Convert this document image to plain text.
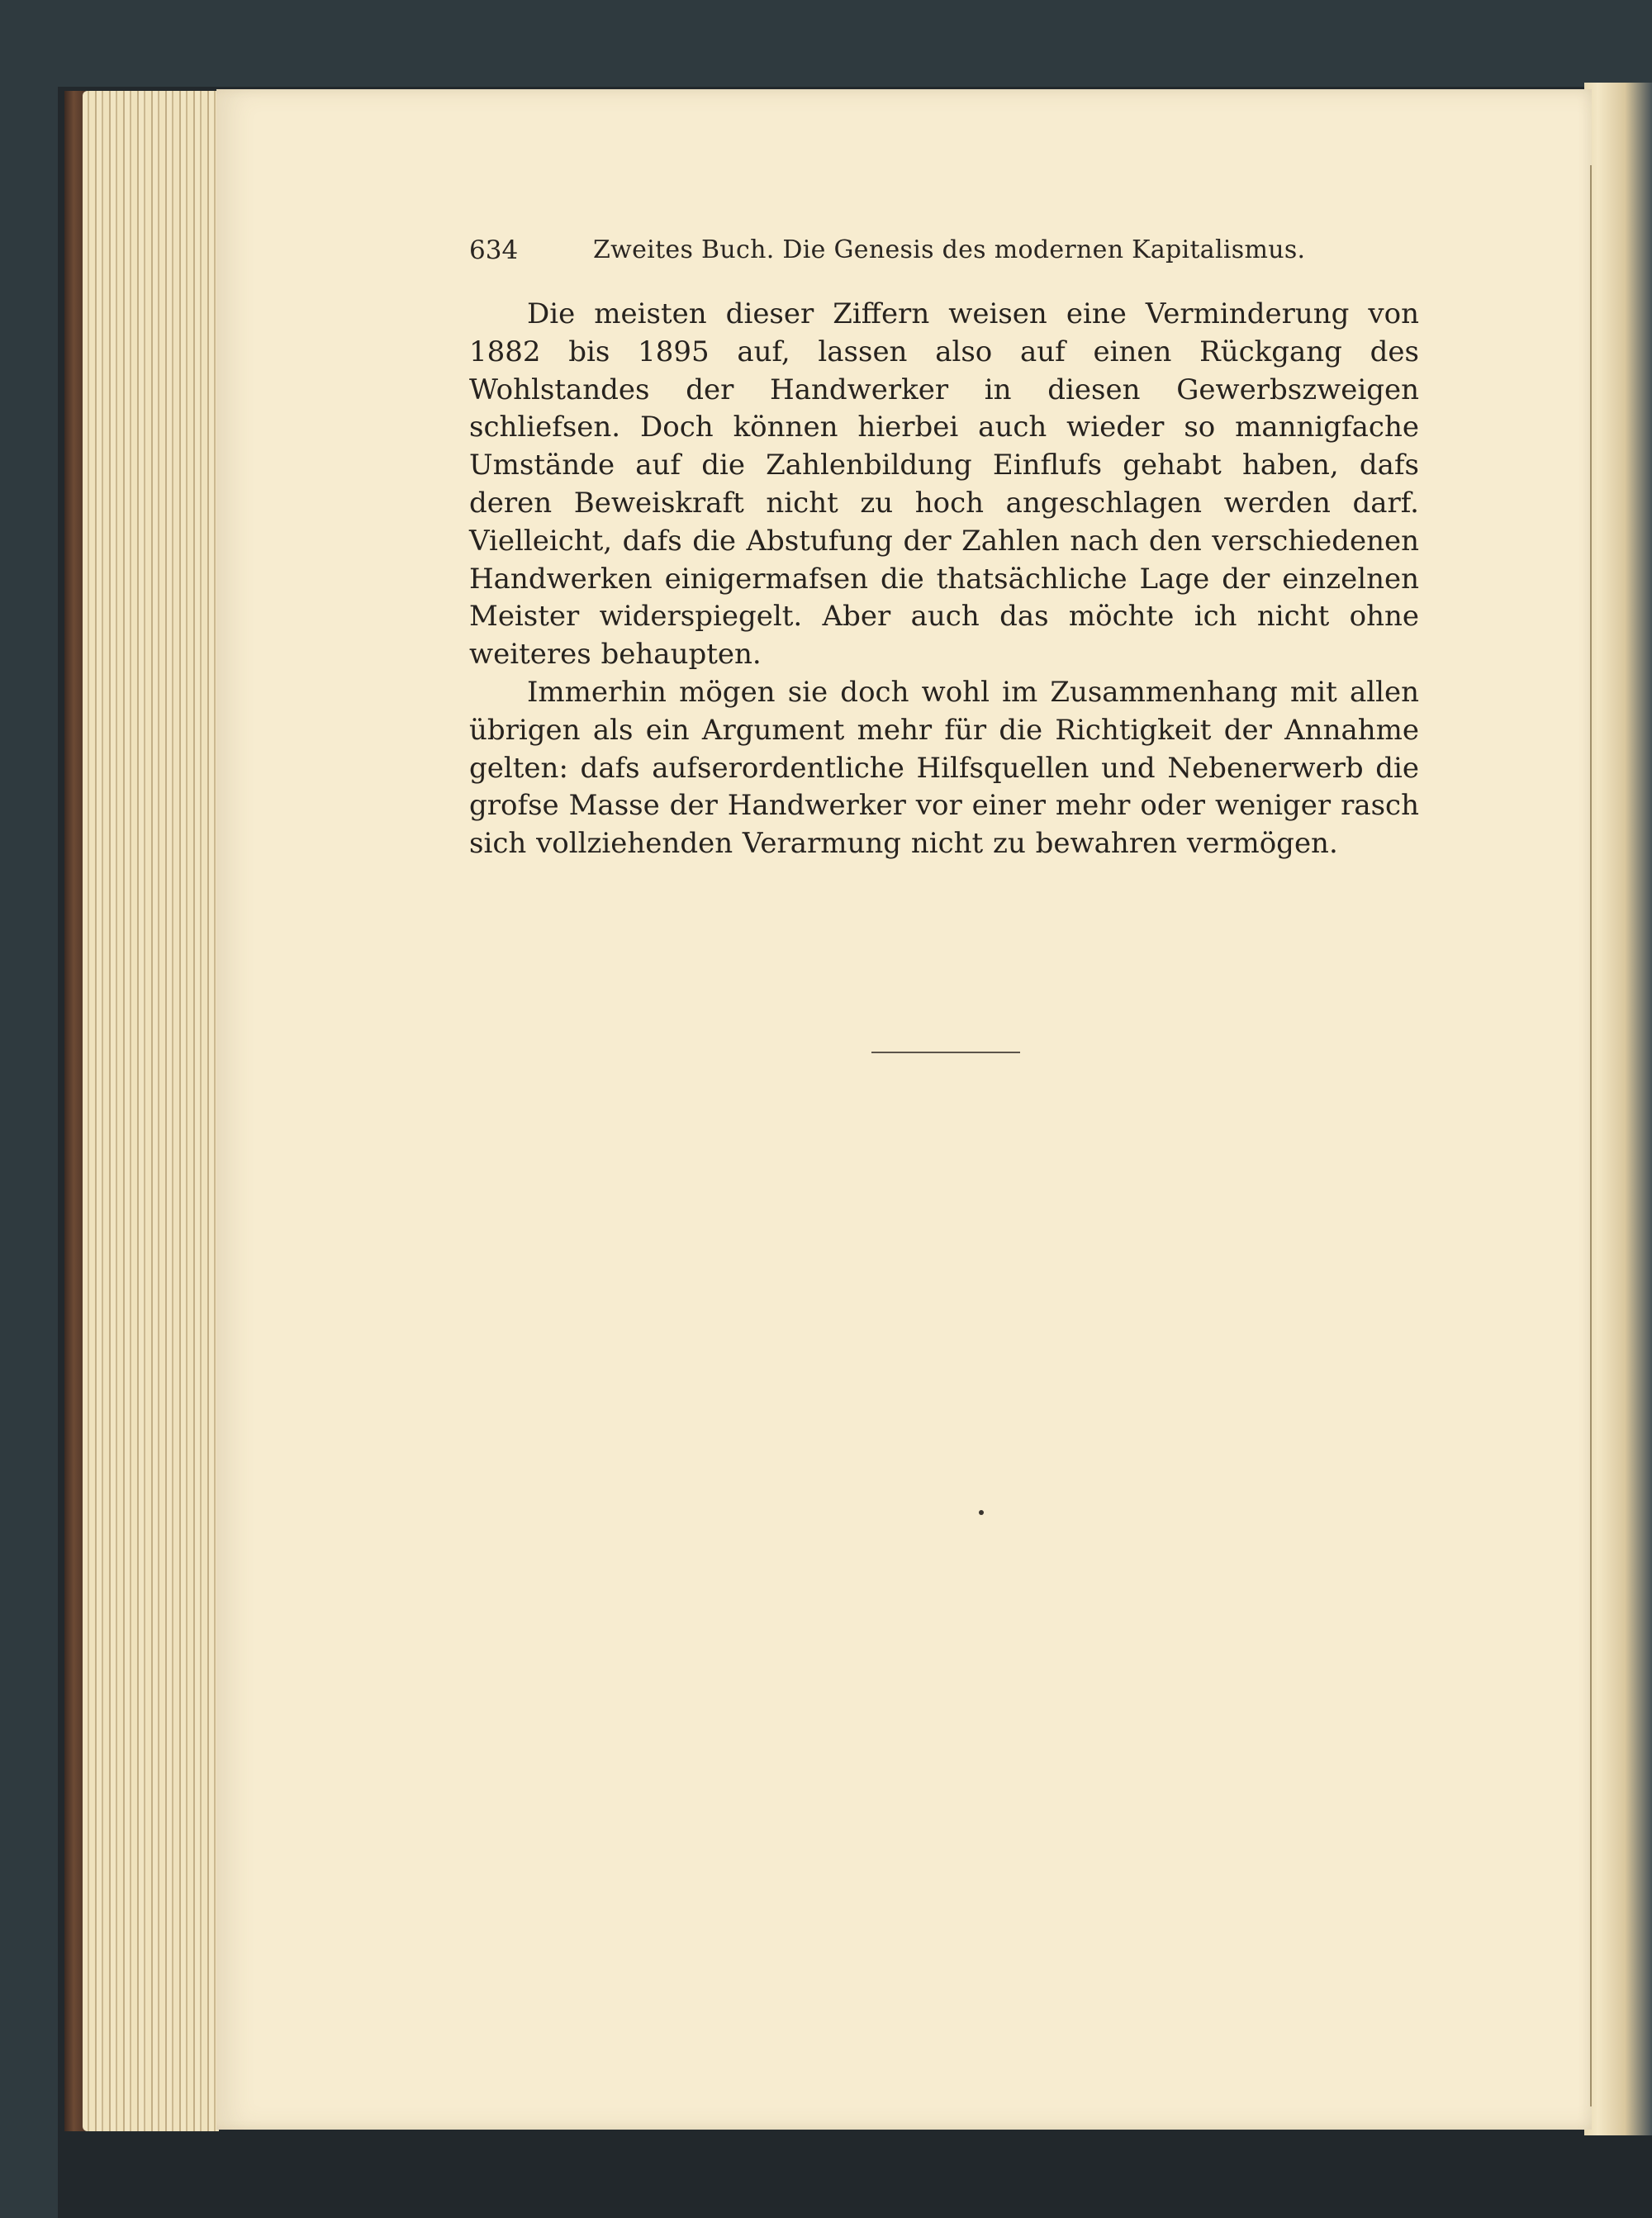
634	Zweites Buch. Die Genesis des modernen Kapitalismus.

Die meisten dieser Ziffern weisen eine Verminderung von 1882 bis 1895 auf, lassen also auf einen Rückgang des Wohlstandes der Handwerker in diesen Gewerbszweigen schliefsen. Doch können hierbei auch wieder so mannigfache Umstände auf die Zahlenbildung Einflufs gehabt haben, dafs deren Beweiskraft nicht zu hoch angeschlagen werden darf. Vielleicht, dafs die Abstufung der Zahlen nach den verschiedenen Handwerken einigermafsen die thatsächliche Lage der einzelnen Meister widerspiegelt. Aber auch das möchte ich nicht ohne weiteres behaupten.

Immerhin mögen sie doch wohl im Zusammenhang mit allen übrigen als ein Argument mehr für die Richtigkeit der Annahme gelten: dafs aufserordentliche Hilfsquellen und Nebenerwerb die grofse Masse der Handwerker vor einer mehr oder weniger rasch sich vollziehenden Verarmung nicht zu bewahren vermögen.
